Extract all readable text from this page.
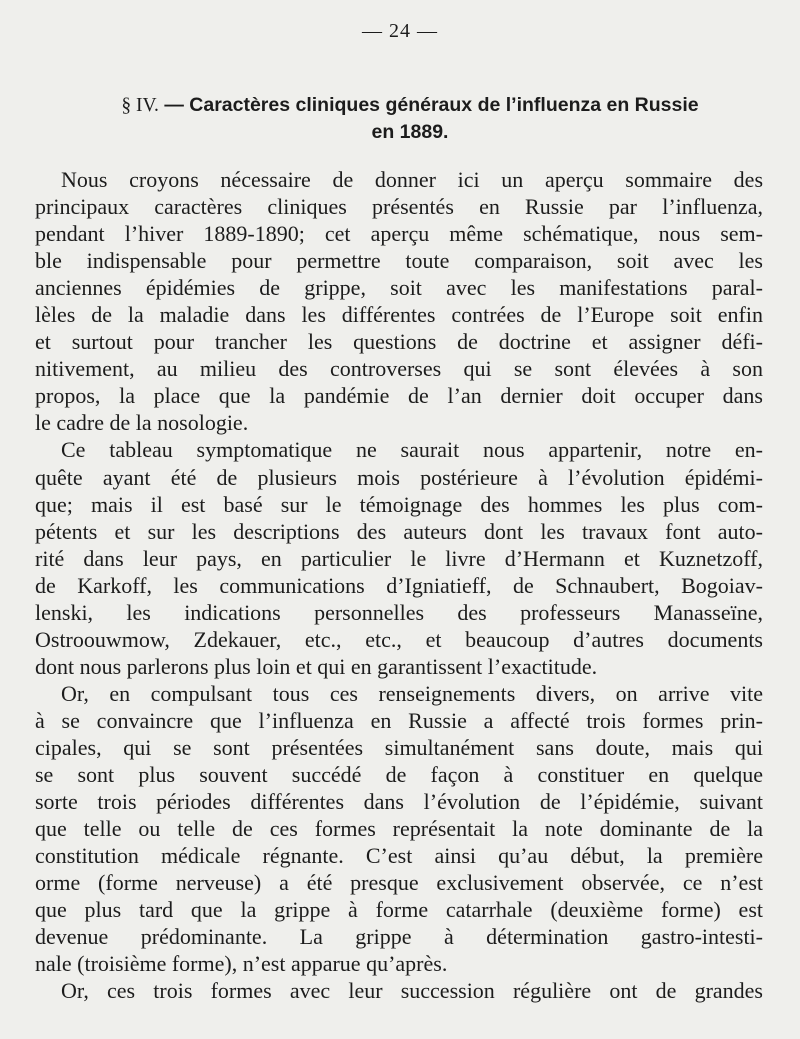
— 24 —
§ IV. — Caractères cliniques généraux de l’influenza en Russie
en 1889.

Nous croyons nécessaire de donner ici un aperçu sommaire des
principaux caractères cliniques présentés en Russie par l’influenza,
pendant l’hiver 1889-1890; cet aperçu même schématique, nous sem-
ble indispensable pour permettre toute comparaison, soit avec les
anciennes épidémies de grippe, soit avec les manifestations paral-
lèles de la maladie dans les différentes contrées de l’Europe soit enfin
et surtout pour trancher les questions de doctrine et assigner défi-
nitivement, au milieu des controverses qui se sont élevées à son
propos, la place que la pandémie de l’an dernier doit occuper dans
le cadre de la nosologie.

Ce tableau symptomatique ne saurait nous appartenir, notre en-
quête ayant été de plusieurs mois postérieure à l’évolution épidémi-
que; mais il est basé sur le témoignage des hommes les plus com-
pétents et sur les descriptions des auteurs dont les travaux font auto-
rité dans leur pays, en particulier le livre d’Hermann et Kuznetzoff,
de Karkoff, les communications d’Igniatieff, de Schnaubert, Bogoiav-
lenski, les indications personnelles des professeurs Manasseïne,
Ostroouwmow, Zdekauer, etc., etc., et beaucoup d’autres documents
dont nous parlerons plus loin et qui en garantissent l’exactitude.

Or, en compulsant tous ces renseignements divers, on arrive vite
à se convaincre que l’influenza en Russie a affecté trois formes prin-
cipales, qui se sont présentées simultanément sans doute, mais qui
se sont plus souvent succédé de façon à constituer en quelque
sorte trois périodes différentes dans l’évolution de l’épidémie, suivant
que telle ou telle de ces formes représentait la note dominante de la
constitution médicale régnante. C’est ainsi qu’au début, la première
orme (forme nerveuse) a été presque exclusivement observée, ce n’est
que plus tard que la grippe à forme catarrhale (deuxième forme) est
devenue prédominante. La grippe à détermination gastro-intesti-
nale (troisième forme), n’est apparue qu’après.

Or, ces trois formes avec leur succession régulière ont de grandes
